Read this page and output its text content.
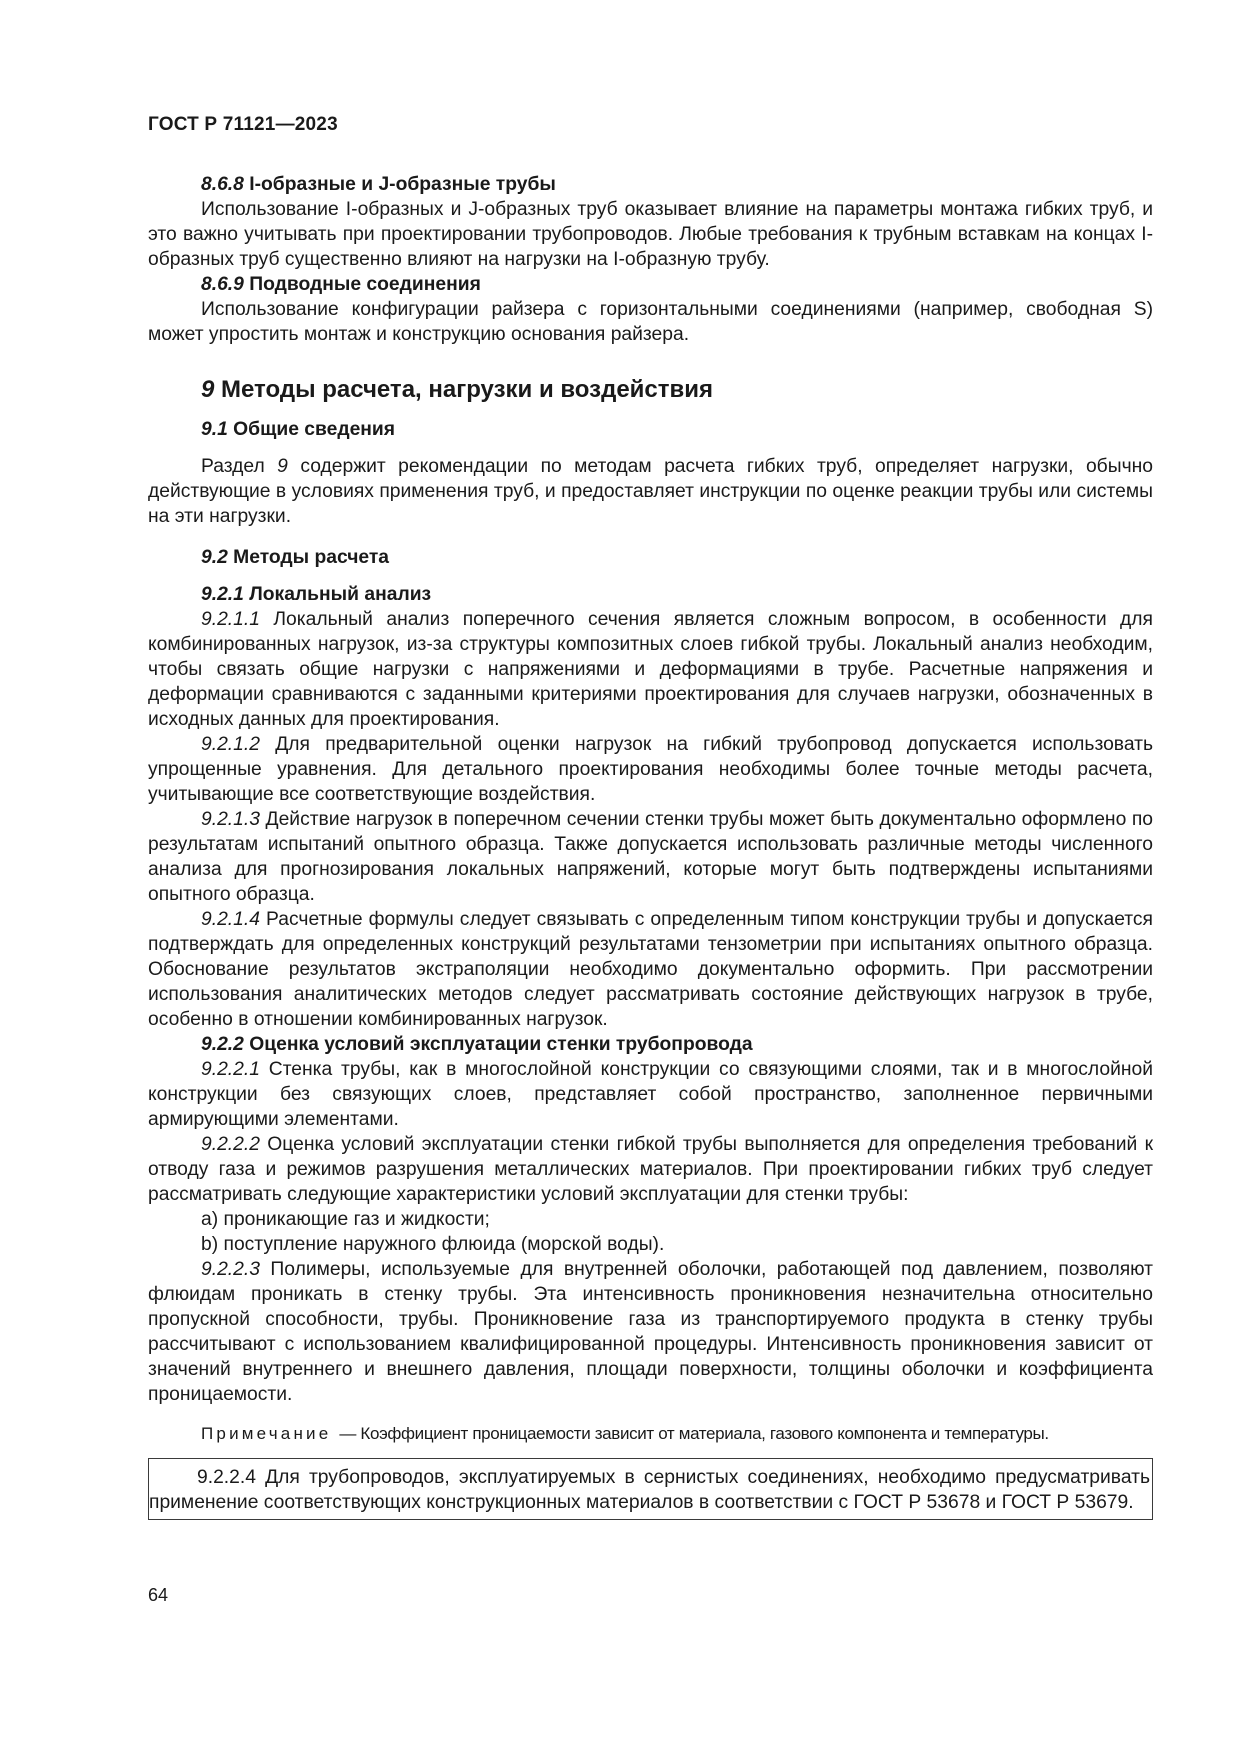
ГОСТ Р 71121—2023

8.6.8 I-образные и J-образные трубы

Использование I-образных и J-образных труб оказывает влияние на параметры монтажа гибких труб, и это важно учитывать при проектировании трубопроводов. Любые требования к трубным вставкам на концах I-образных труб существенно влияют на нагрузки на I-образную трубу.

8.6.9 Подводные соединения

Использование конфигурации райзера с горизонтальными соединениями (например, свободная S) может упростить монтаж и конструкцию основания райзера.

9 Методы расчета, нагрузки и воздействия

9.1 Общие сведения

Раздел 9 содержит рекомендации по методам расчета гибких труб, определяет нагрузки, обычно действующие в условиях применения труб, и предоставляет инструкции по оценке реакции трубы или системы на эти нагрузки.

9.2 Методы расчета

9.2.1 Локальный анализ

9.2.1.1 Локальный анализ поперечного сечения является сложным вопросом, в особенности для комбинированных нагрузок, из-за структуры композитных слоев гибкой трубы. Локальный анализ необходим, чтобы связать общие нагрузки с напряжениями и деформациями в трубе. Расчетные напряжения и деформации сравниваются с заданными критериями проектирования для случаев нагрузки, обозначенных в исходных данных для проектирования.

9.2.1.2 Для предварительной оценки нагрузок на гибкий трубопровод допускается использовать упрощенные уравнения. Для детального проектирования необходимы более точные методы расчета, учитывающие все соответствующие воздействия.

9.2.1.3 Действие нагрузок в поперечном сечении стенки трубы может быть документально оформлено по результатам испытаний опытного образца. Также допускается использовать различные методы численного анализа для прогнозирования локальных напряжений, которые могут быть подтверждены испытаниями опытного образца.

9.2.1.4 Расчетные формулы следует связывать с определенным типом конструкции трубы и допускается подтверждать для определенных конструкций результатами тензометрии при испытаниях опытного образца. Обоснование результатов экстраполяции необходимо документально оформить. При рассмотрении использования аналитических методов следует рассматривать состояние действующих нагрузок в трубе, особенно в отношении комбинированных нагрузок.

9.2.2 Оценка условий эксплуатации стенки трубопровода

9.2.2.1 Стенка трубы, как в многослойной конструкции со связующими слоями, так и в многослойной конструкции без связующих слоев, представляет собой пространство, заполненное первичными армирующими элементами.

9.2.2.2 Оценка условий эксплуатации стенки гибкой трубы выполняется для определения требований к отводу газа и режимов разрушения металлических материалов. При проектировании гибких труб следует рассматривать следующие характеристики условий эксплуатации для стенки трубы:

a) проникающие газ и жидкости;

b) поступление наружного флюида (морской воды).

9.2.2.3 Полимеры, используемые для внутренней оболочки, работающей под давлением, позволяют флюидам проникать в стенку трубы. Эта интенсивность проникновения незначительна относительно пропускной способности, трубы. Проникновение газа из транспортируемого продукта в стенку трубы рассчитывают с использованием квалифицированной процедуры. Интенсивность проникновения зависит от значений внутреннего и внешнего давления, площади поверхности, толщины оболочки и коэффициента проницаемости.

Примечание — Коэффициент проницаемости зависит от материала, газового компонента и температуры.

9.2.2.4 Для трубопроводов, эксплуатируемых в сернистых соединениях, необходимо предусматривать применение соответствующих конструкционных материалов в соответствии с ГОСТ Р 53678 и ГОСТ Р 53679.

64
